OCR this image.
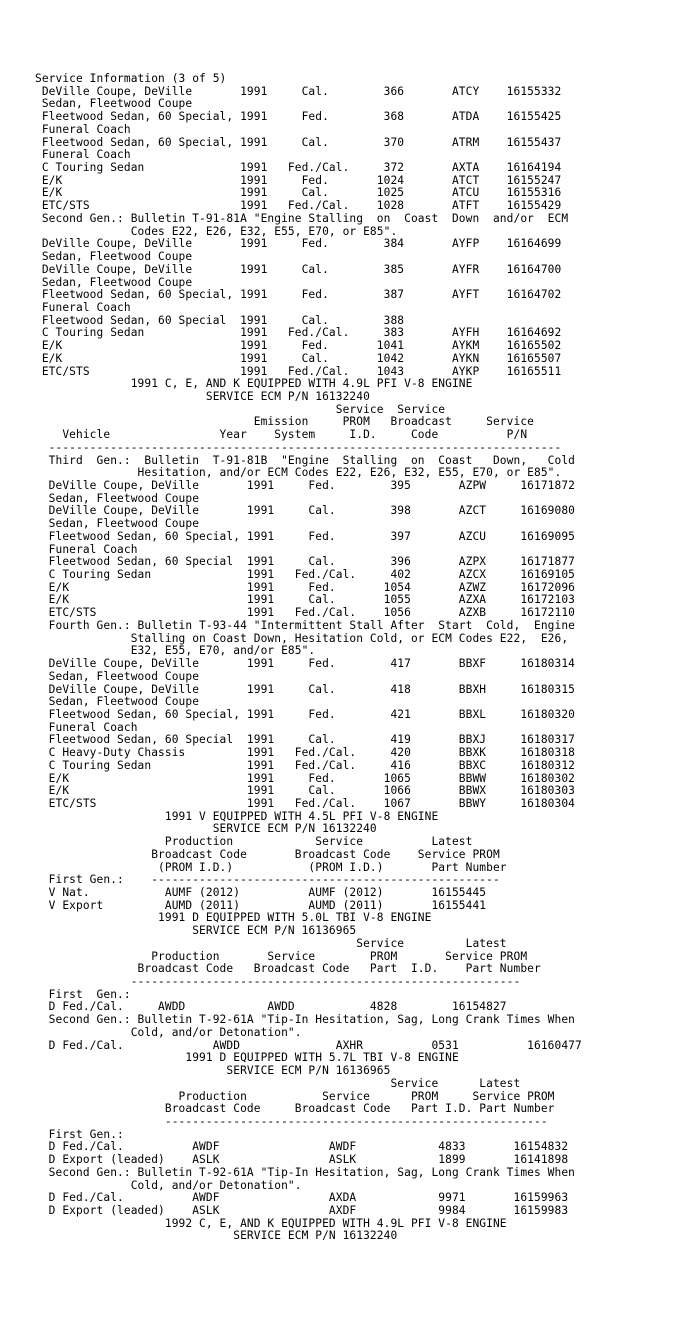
Service Information (3 of 5)
DeVille Coupe, DeVille       1991     Cal.        366       ATCY    16155332
Sedan, Fleetwood Coupe
Fleetwood Sedan, 60 Special, 1991     Fed.        368       ATDA    16155425
Funeral Coach
Fleetwood Sedan, 60 Special, 1991     Cal.        370       ATRM    16155437
Funeral Coach
C Touring Sedan              1991   Fed./Cal.     372       AXTA    16164194
E/K                          1991     Fed.       1024       ATCT    16155247
E/K                          1991     Cal.       1025       ATCU    16155316
ETC/STS                      1991   Fed./Cal.    1028       ATFT    16155429
Second Gen.: Bulletin T-91-81A "Engine Stalling  on  Coast  Down  and/or  ECM
Codes E22, E26, E32, E55, E70, or E85".
DeVille Coupe, DeVille       1991     Fed.        384       AYFP    16164699
Sedan, Fleetwood Coupe
DeVille Coupe, DeVille       1991     Cal.        385       AYFR    16164700
Sedan, Fleetwood Coupe
Fleetwood Sedan, 60 Special, 1991     Fed.        387       AYFT    16164702
Funeral Coach
Fleetwood Sedan, 60 Special  1991     Cal.        388
C Touring Sedan              1991   Fed./Cal.     383       AYFH    16164692
E/K                          1991     Fed.       1041       AYKM    16165502
E/K                          1991     Cal.       1042       AYKN    16165507
ETC/STS                      1991   Fed./Cal.    1043       AYKP    16165511
1991 C, E, AND K EQUIPPED WITH 4.9L PFI V-8 ENGINE
SERVICE ECM P/N 16132240
Service  Service
Emission     PROM   Broadcast     Service
Vehicle                Year    System     I.D.     Code          P/N
---------------------------------------------------------------------------
Third  Gen.:  Bulletin  T-91-81B  "Engine  Stalling  on  Coast   Down,   Cold
Hesitation, and/or ECM Codes E22, E26, E32, E55, E70, or E85".
DeVille Coupe, DeVille       1991     Fed.        395       AZPW     16171872
Sedan, Fleetwood Coupe
DeVille Coupe, DeVille       1991     Cal.        398       AZCT     16169080
Sedan, Fleetwood Coupe
Fleetwood Sedan, 60 Special, 1991     Fed.        397       AZCU     16169095
Funeral Coach
Fleetwood Sedan, 60 Special  1991     Cal.        396       AZPX     16171877
C Touring Sedan              1991   Fed./Cal.     402       AZCX     16169105
E/K                          1991     Fed.       1054       AZWZ     16172096
E/K                          1991     Cal.       1055       AZXA     16172103
ETC/STS                      1991   Fed./Cal.    1056       AZXB     16172110
Fourth Gen.: Bulletin T-93-44 "Intermittent Stall After  Start  Cold,  Engine
Stalling on Coast Down, Hesitation Cold, or ECM Codes E22,  E26,
E32, E55, E70, and/or E85".
DeVille Coupe, DeVille       1991     Fed.        417       BBXF     16180314
Sedan, Fleetwood Coupe
DeVille Coupe, DeVille       1991     Cal.        418       BBXH     16180315
Sedan, Fleetwood Coupe
Fleetwood Sedan, 60 Special, 1991     Fed.        421       BBXL     16180320
Funeral Coach
Fleetwood Sedan, 60 Special  1991     Cal.        419       BBXJ     16180317
C Heavy-Duty Chassis         1991   Fed./Cal.     420       BBXK     16180318
C Touring Sedan              1991   Fed./Cal.     416       BBXC     16180312
E/K                          1991     Fed.       1065       BBWW     16180302
E/K                          1991     Cal.       1066       BBWX     16180303
ETC/STS                      1991   Fed./Cal.    1067       BBWY     16180304
1991 V EQUIPPED WITH 4.5L PFI V-8 ENGINE
SERVICE ECM P/N 16132240
Production            Service          Latest
Broadcast Code       Broadcast Code    Service PROM
(PROM I.D.)           (PROM I.D.)       Part Number
First Gen.:    ---------------------------------------------------
V Nat.           AUMF (2012)          AUMF (2012)       16155445
V Export         AUMD (2011)          AUMD (2011)       16155441
1991 D EQUIPPED WITH 5.0L TBI V-8 ENGINE
SERVICE ECM P/N 16136965
Service         Latest
Production       Service        PROM       Service PROM
Broadcast Code   Broadcast Code   Part  I.D.    Part Number
---------------------------------------------------------
First  Gen.:
D Fed./Cal.     AWDD            AWDD           4828        16154827
Second Gen.: Bulletin T-92-61A "Tip-In Hesitation, Sag, Long Crank Times When
Cold, and/or Detonation".
D Fed./Cal.             AWDD              AXHR          0531          16160477
1991 D EQUIPPED WITH 5.7L TBI V-8 ENGINE
SERVICE ECM P/N 16136965
Service      Latest
Production           Service      PROM     Service PROM
Broadcast Code     Broadcast Code   Part I.D. Part Number
--------------------------------------------------------
First Gen.:
D Fed./Cal.          AWDF                AWDF            4833       16154832
D Export (leaded)    ASLK                ASLK            1899       16141898
Second Gen.: Bulletin T-92-61A "Tip-In Hesitation, Sag, Long Crank Times When
Cold, and/or Detonation".
D Fed./Cal.          AWDF                AXDA            9971       16159963
D Export (leaded)    ASLK                AXDF            9984       16159983
1992 C, E, AND K EQUIPPED WITH 4.9L PFI V-8 ENGINE
SERVICE ECM P/N 16132240
